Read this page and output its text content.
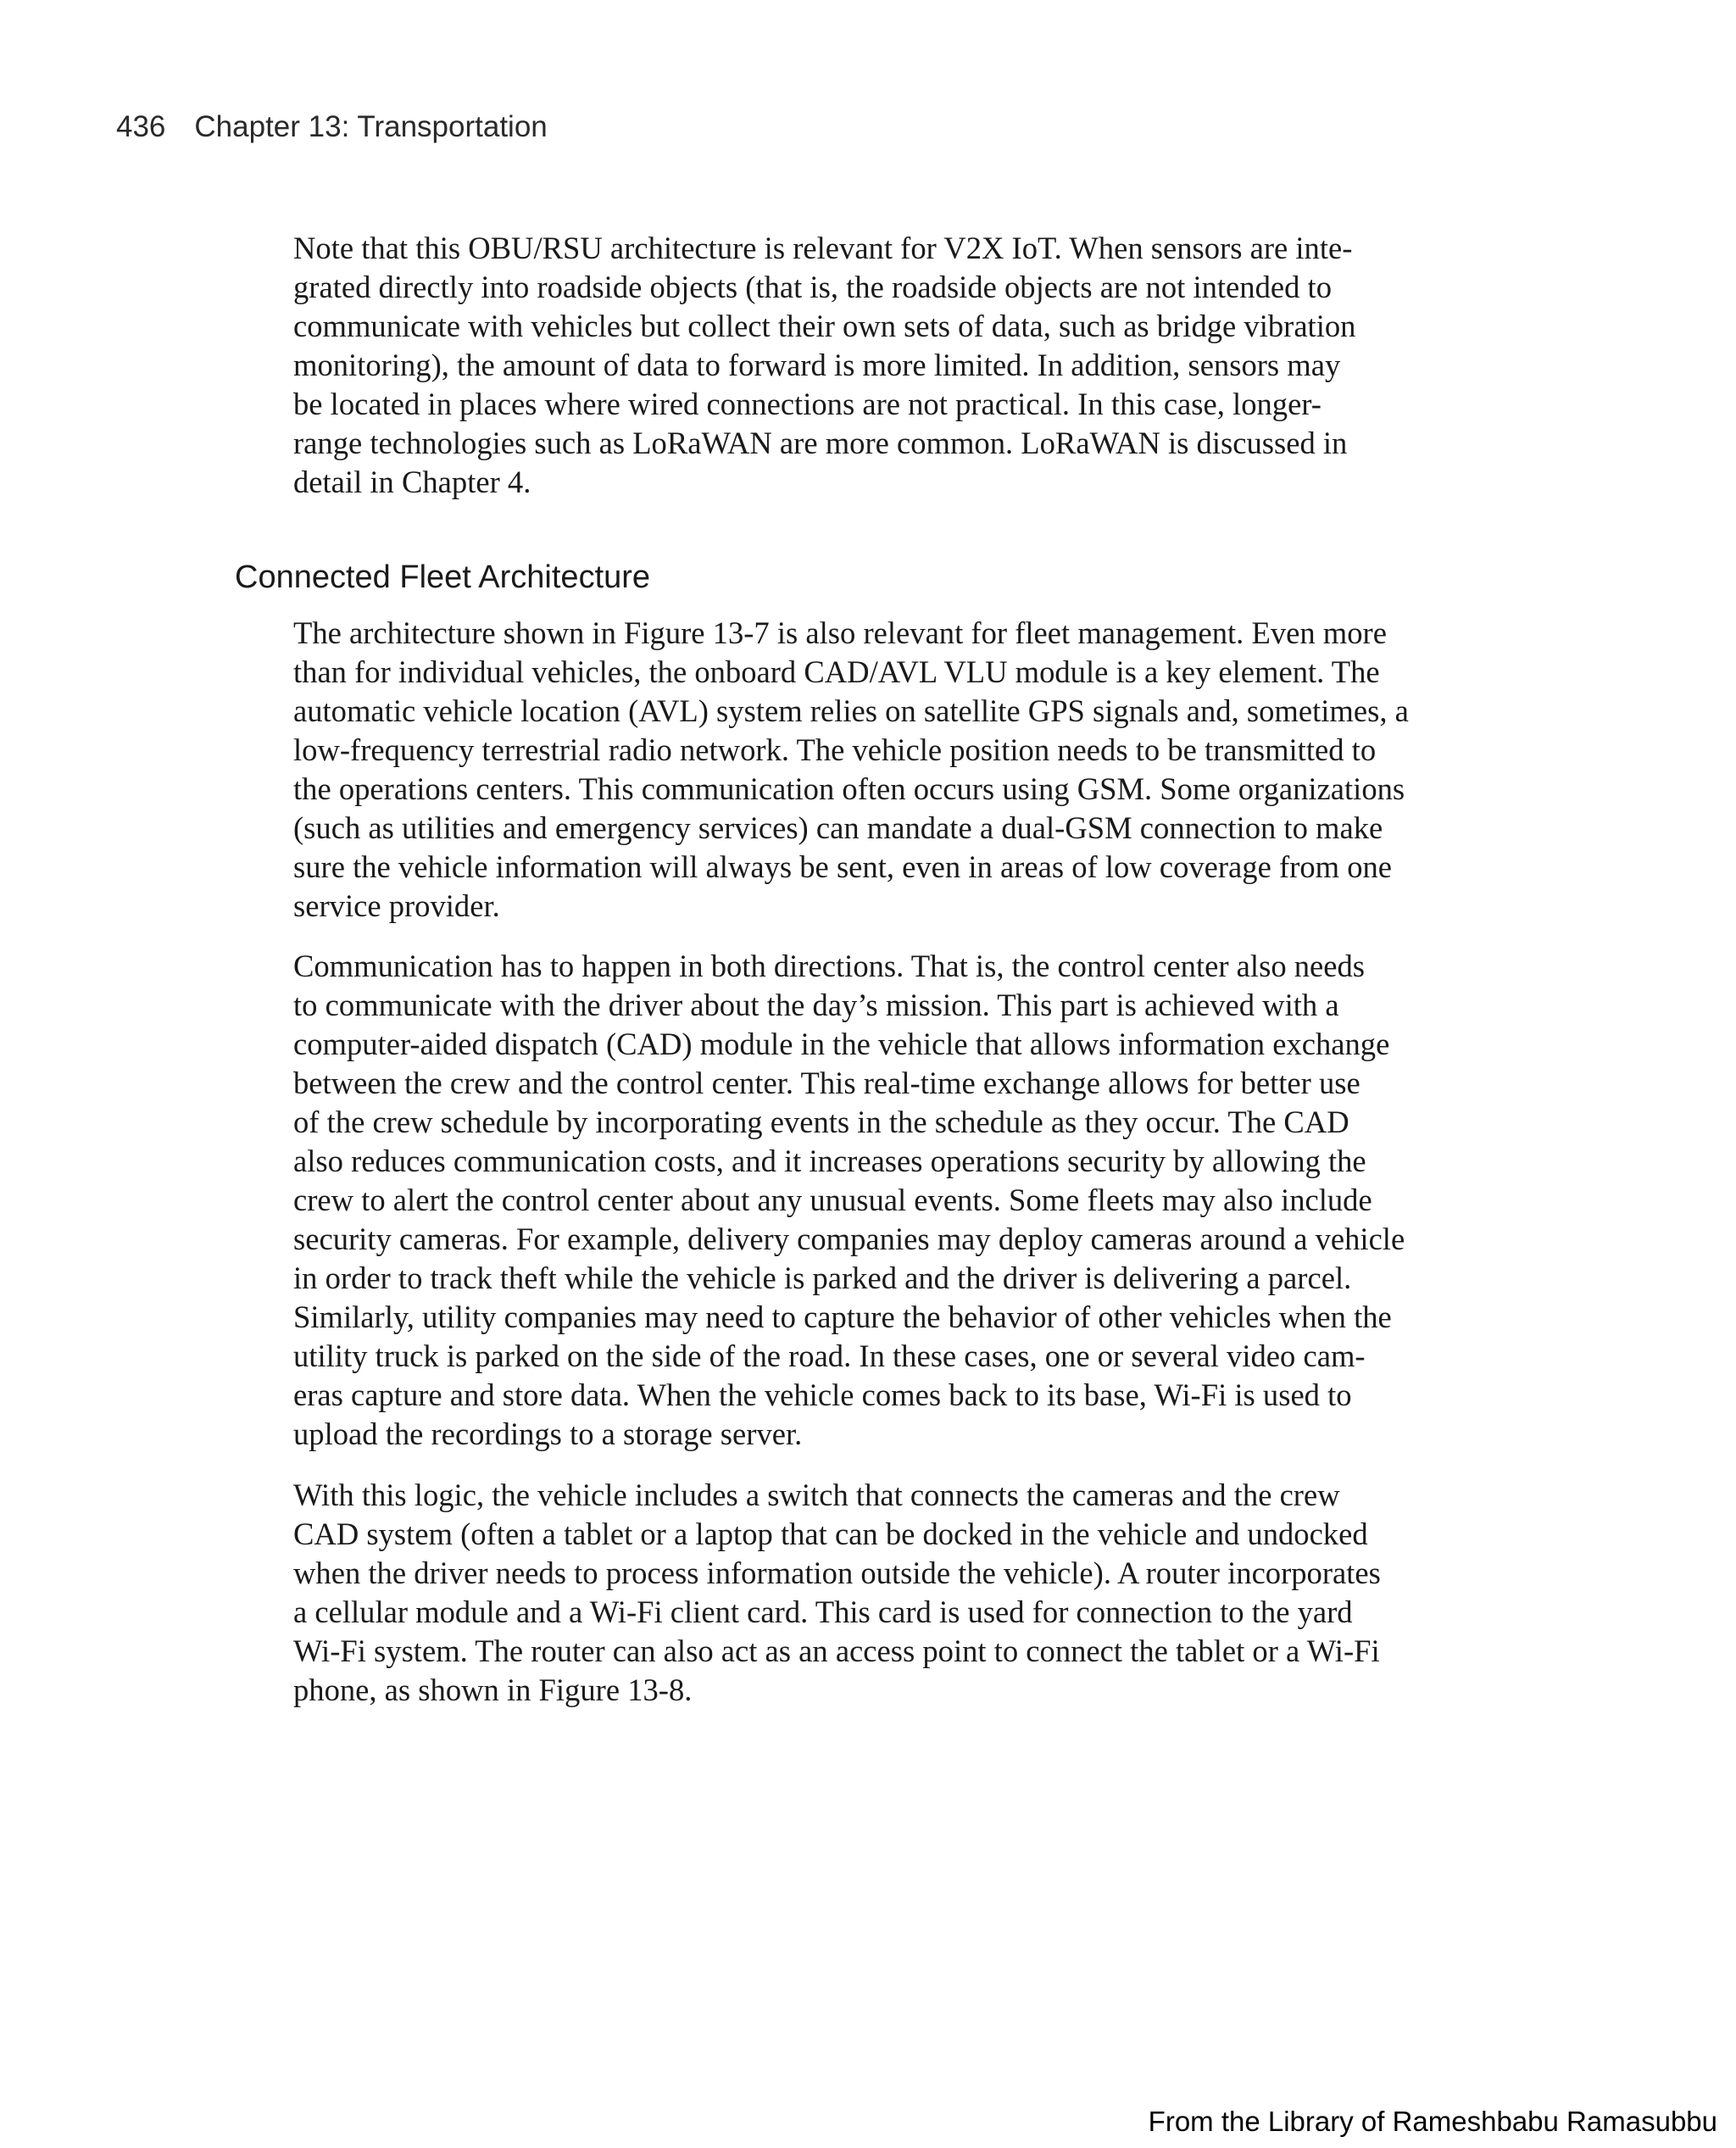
436 Chapter 13: Transportation
Note that this OBU/RSU architecture is relevant for V2X IoT. When sensors are inte-
grated directly into roadside objects (that is, the roadside objects are not intended to
communicate with vehicles but collect their own sets of data, such as bridge vibration
monitoring), the amount of data to forward is more limited. In addition, sensors may
be located in places where wired connections are not practical. In this case, longer-
range technologies such as LoRaWAN are more common. LoRaWAN is discussed in
detail in Chapter 4.
Connected Fleet Architecture
The architecture shown in Figure 13-7 is also relevant for fleet management. Even more
than for individual vehicles, the onboard CAD/AVL VLU module is a key element. The
automatic vehicle location (AVL) system relies on satellite GPS signals and, sometimes, a
low-frequency terrestrial radio network. The vehicle position needs to be transmitted to
the operations centers. This communication often occurs using GSM. Some organizations
(such as utilities and emergency services) can mandate a dual-GSM connection to make
sure the vehicle information will always be sent, even in areas of low coverage from one
service provider.
Communication has to happen in both directions. That is, the control center also needs
to communicate with the driver about the day’s mission. This part is achieved with a
computer-aided dispatch (CAD) module in the vehicle that allows information exchange
between the crew and the control center. This real-time exchange allows for better use
of the crew schedule by incorporating events in the schedule as they occur. The CAD
also reduces communication costs, and it increases operations security by allowing the
crew to alert the control center about any unusual events. Some fleets may also include
security cameras. For example, delivery companies may deploy cameras around a vehicle
in order to track theft while the vehicle is parked and the driver is delivering a parcel.
Similarly, utility companies may need to capture the behavior of other vehicles when the
utility truck is parked on the side of the road. In these cases, one or several video cam-
eras capture and store data. When the vehicle comes back to its base, Wi-Fi is used to
upload the recordings to a storage server.
With this logic, the vehicle includes a switch that connects the cameras and the crew
CAD system (often a tablet or a laptop that can be docked in the vehicle and undocked
when the driver needs to process information outside the vehicle). A router incorporates
a cellular module and a Wi-Fi client card. This card is used for connection to the yard
Wi-Fi system. The router can also act as an access point to connect the tablet or a Wi-Fi
phone, as shown in Figure 13-8.
From the Library of Rameshbabu Ramasubbu
